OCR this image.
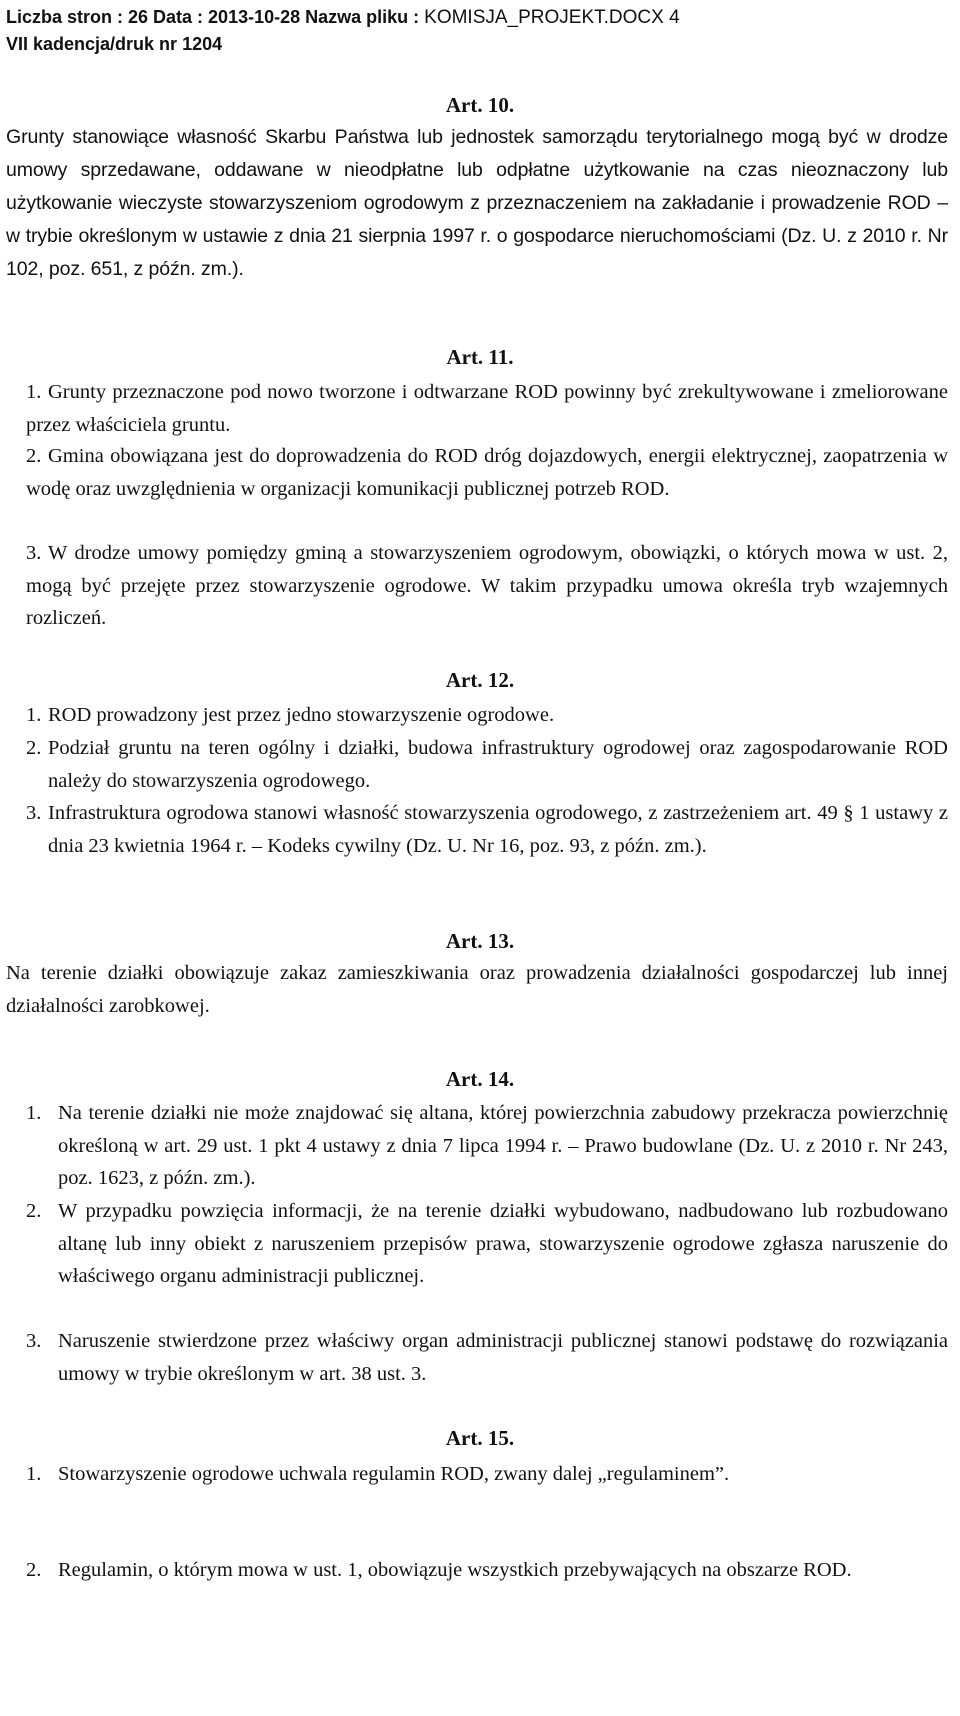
Liczba stron : 26 Data : 2013-10-28 Nazwa pliku : KOMISJA_PROJEKT.DOCX 4
VII kadencja/druk nr 1204
Art. 10.

Grunty stanowiące własność Skarbu Państwa lub jednostek samorządu terytorialnego mogą być w drodze umowy sprzedawane, oddawane w nieodpłatne lub odpłatne użytkowanie na czas nieoznaczony lub użytkowanie wieczyste stowarzyszeniom ogrodowym z przeznaczeniem na zakładanie i prowadzenie ROD – w trybie określonym w ustawie z dnia 21 sierpnia 1997 r. o gospodarce nieruchomościami (Dz. U. z 2010 r. Nr 102, poz. 651, z późn. zm.).

Art. 11.
1. Grunty przeznaczone pod nowo tworzone i odtwarzane ROD powinny być zrekultywowane i zmeliorowane przez właściciela gruntu.
2. Gmina obowiązana jest do doprowadzenia do ROD dróg dojazdowych, energii elektrycznej, zaopatrzenia w wodę oraz uwzględnienia w organizacji komunikacji publicznej potrzeb ROD.
3. W drodze umowy pomiędzy gminą a stowarzyszeniem ogrodowym, obowiązki, o których mowa w ust. 2, mogą być przejęte przez stowarzyszenie ogrodowe. W takim przypadku umowa określa tryb wzajemnych rozliczeń.
Art. 12.
1. ROD prowadzony jest przez jedno stowarzyszenie ogrodowe.
2. Podział gruntu na teren ogólny i działki, budowa infrastruktury ogrodowej oraz zagospodarowanie ROD należy do stowarzyszenia ogrodowego.
3. Infrastruktura ogrodowa stanowi własność stowarzyszenia ogrodowego, z zastrzeżeniem art. 49 § 1 ustawy z dnia 23 kwietnia 1964 r. – Kodeks cywilny (Dz. U. Nr 16, poz. 93, z późn. zm.).
Art. 13.

Na terenie działki obowiązuje zakaz zamieszkiwania oraz prowadzenia działalności gospodarczej lub innej działalności zarobkowej.

Art. 14.
1. Na terenie działki nie może znajdować się altana, której powierzchnia zabudowy przekracza powierzchnię określoną w art. 29 ust. 1 pkt 4 ustawy z dnia 7 lipca 1994 r. – Prawo budowlane (Dz. U. z 2010 r. Nr 243, poz. 1623, z późn. zm.).
2. W przypadku powzięcia informacji, że na terenie działki wybudowano, nadbudowano lub rozbudowano altanę lub inny obiekt z naruszeniem przepisów prawa, stowarzyszenie ogrodowe zgłasza naruszenie do właściwego organu administracji publicznej.
3. Naruszenie stwierdzone przez właściwy organ administracji publicznej stanowi podstawę do rozwiązania umowy w trybie określonym w art. 38 ust. 3.
Art. 15.
1. Stowarzyszenie ogrodowe uchwala regulamin ROD, zwany dalej „regulaminem”.
2. Regulamin, o którym mowa w ust. 1, obowiązuje wszystkich przebywających na obszarze ROD.
